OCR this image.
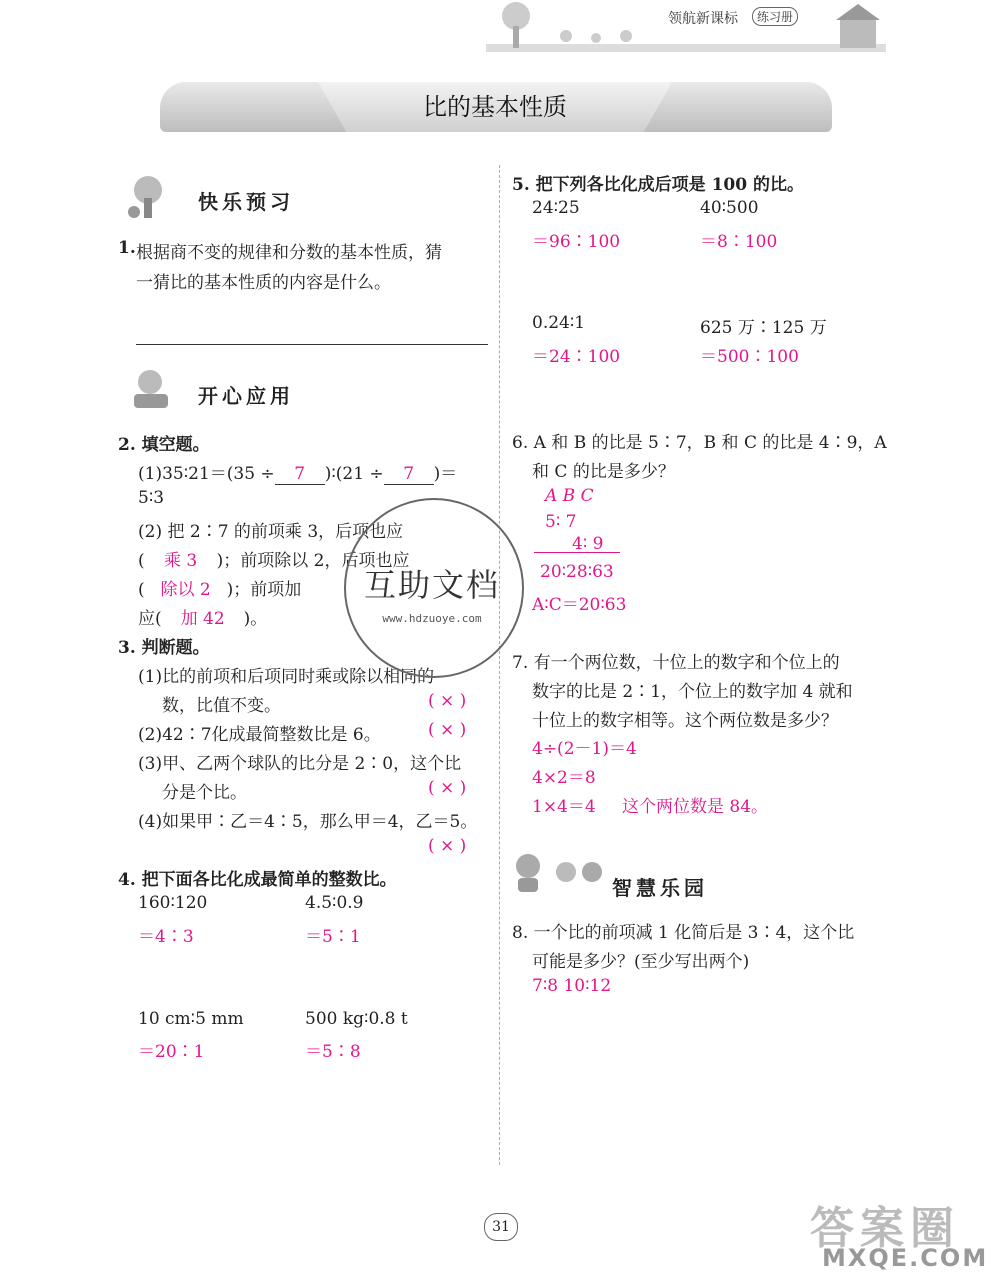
领航新课标	练习册
比的基本性质
快乐预习
1. 根据商不变的规律和分数的基本性质，猜
一猜比的基本性质的内容是什么。
开心应用
2. 填空题。
(1)35∶21＝(35 ÷ 7 )∶(21 ÷ 7 )＝
5∶3
(2) 把 2∶7 的前项乘 3，后项也应
( 乘 3 )；前项除以 2，后项也应
( 除以 2 )；前项加
应( 加 42 )。
3. 判断题。
(1)比的前项和后项同时乘或除以相同的
数，比值不变。	( × )
(2)42∶7化成最简整数比是 6。	( × )
(3)甲、乙两个球队的比分是 2∶0，这个比
分是个比。	( × )
(4)如果甲∶乙＝4∶5，那么甲＝4，乙＝5。
( × )
4. 把下面各比化成最简单的整数比。
160∶120
＝4∶3
4.5∶0.9
＝5∶1
10 cm∶5 mm
＝20∶1
500 kg∶0.8 t
＝5∶8
5. 把下列各比化成后项是 100 的比。
24∶25
＝96∶100
40∶500
＝8∶100
0.24∶1
＝24∶100
625 万∶125 万
＝500∶100
6. A 和 B 的比是 5∶7，B 和 C 的比是 4∶9，A
和 C 的比是多少？
A B C
5∶ 7
4∶ 9
20∶28∶63
A∶C＝20∶63
7. 有一个两位数，十位上的数字和个位上的
数字的比是 2∶1，个位上的数字加 4 就和
十位上的数字相等。这个两位数是多少？
4÷(2－1)＝4
4×2＝8
1×4＝4 这个两位数是 84。
智慧乐园
8. 一个比的前项减 1 化简后是 3∶4，这个比
可能是多少？(至少写出两个)
7∶8 10∶12
互助文档
www.hdzuoye.com
31	答案圈
MXQE.COM
